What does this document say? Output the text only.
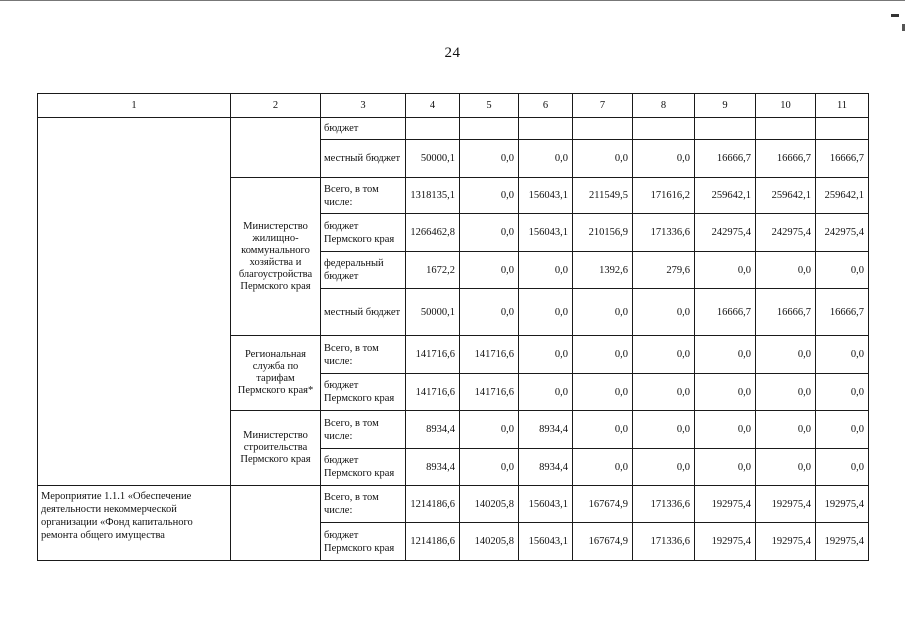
24
1	2	3	4	5	6	7	8	9	10	11
		бюджет								
		местный бюджет	50000,1	0,0	0,0	0,0	0,0	16666,7	16666,7	16666,7
	Министерство жилищно-коммунального хозяйства и благоустройства Пермского края	Всего, в том числе:	1318135,1	0,0	156043,1	211549,5	171616,2	259642,1	259642,1	259642,1
		бюджет Пермского края	1266462,8	0,0	156043,1	210156,9	171336,6	242975,4	242975,4	242975,4
		федеральный бюджет	1672,2	0,0	0,0	1392,6	279,6	0,0	0,0	0,0
		местный бюджет	50000,1	0,0	0,0	0,0	0,0	16666,7	16666,7	16666,7
	Региональная служба по тарифам Пермского края*	Всего, в том числе:	141716,6	141716,6	0,0	0,0	0,0	0,0	0,0	0,0
		бюджет Пермского края	141716,6	141716,6	0,0	0,0	0,0	0,0	0,0	0,0
	Министерство строительства Пермского края	Всего, в том числе:	8934,4	0,0	8934,4	0,0	0,0	0,0	0,0	0,0
		бюджет Пермского края	8934,4	0,0	8934,4	0,0	0,0	0,0	0,0	0,0
Мероприятие 1.1.1 «Обеспечение деятельности некоммерческой организации «Фонд капитального ремонта общего имущества		Всего, в том числе:	1214186,6	140205,8	156043,1	167674,9	171336,6	192975,4	192975,4	192975,4
		бюджет Пермского края	1214186,6	140205,8	156043,1	167674,9	171336,6	192975,4	192975,4	192975,4
